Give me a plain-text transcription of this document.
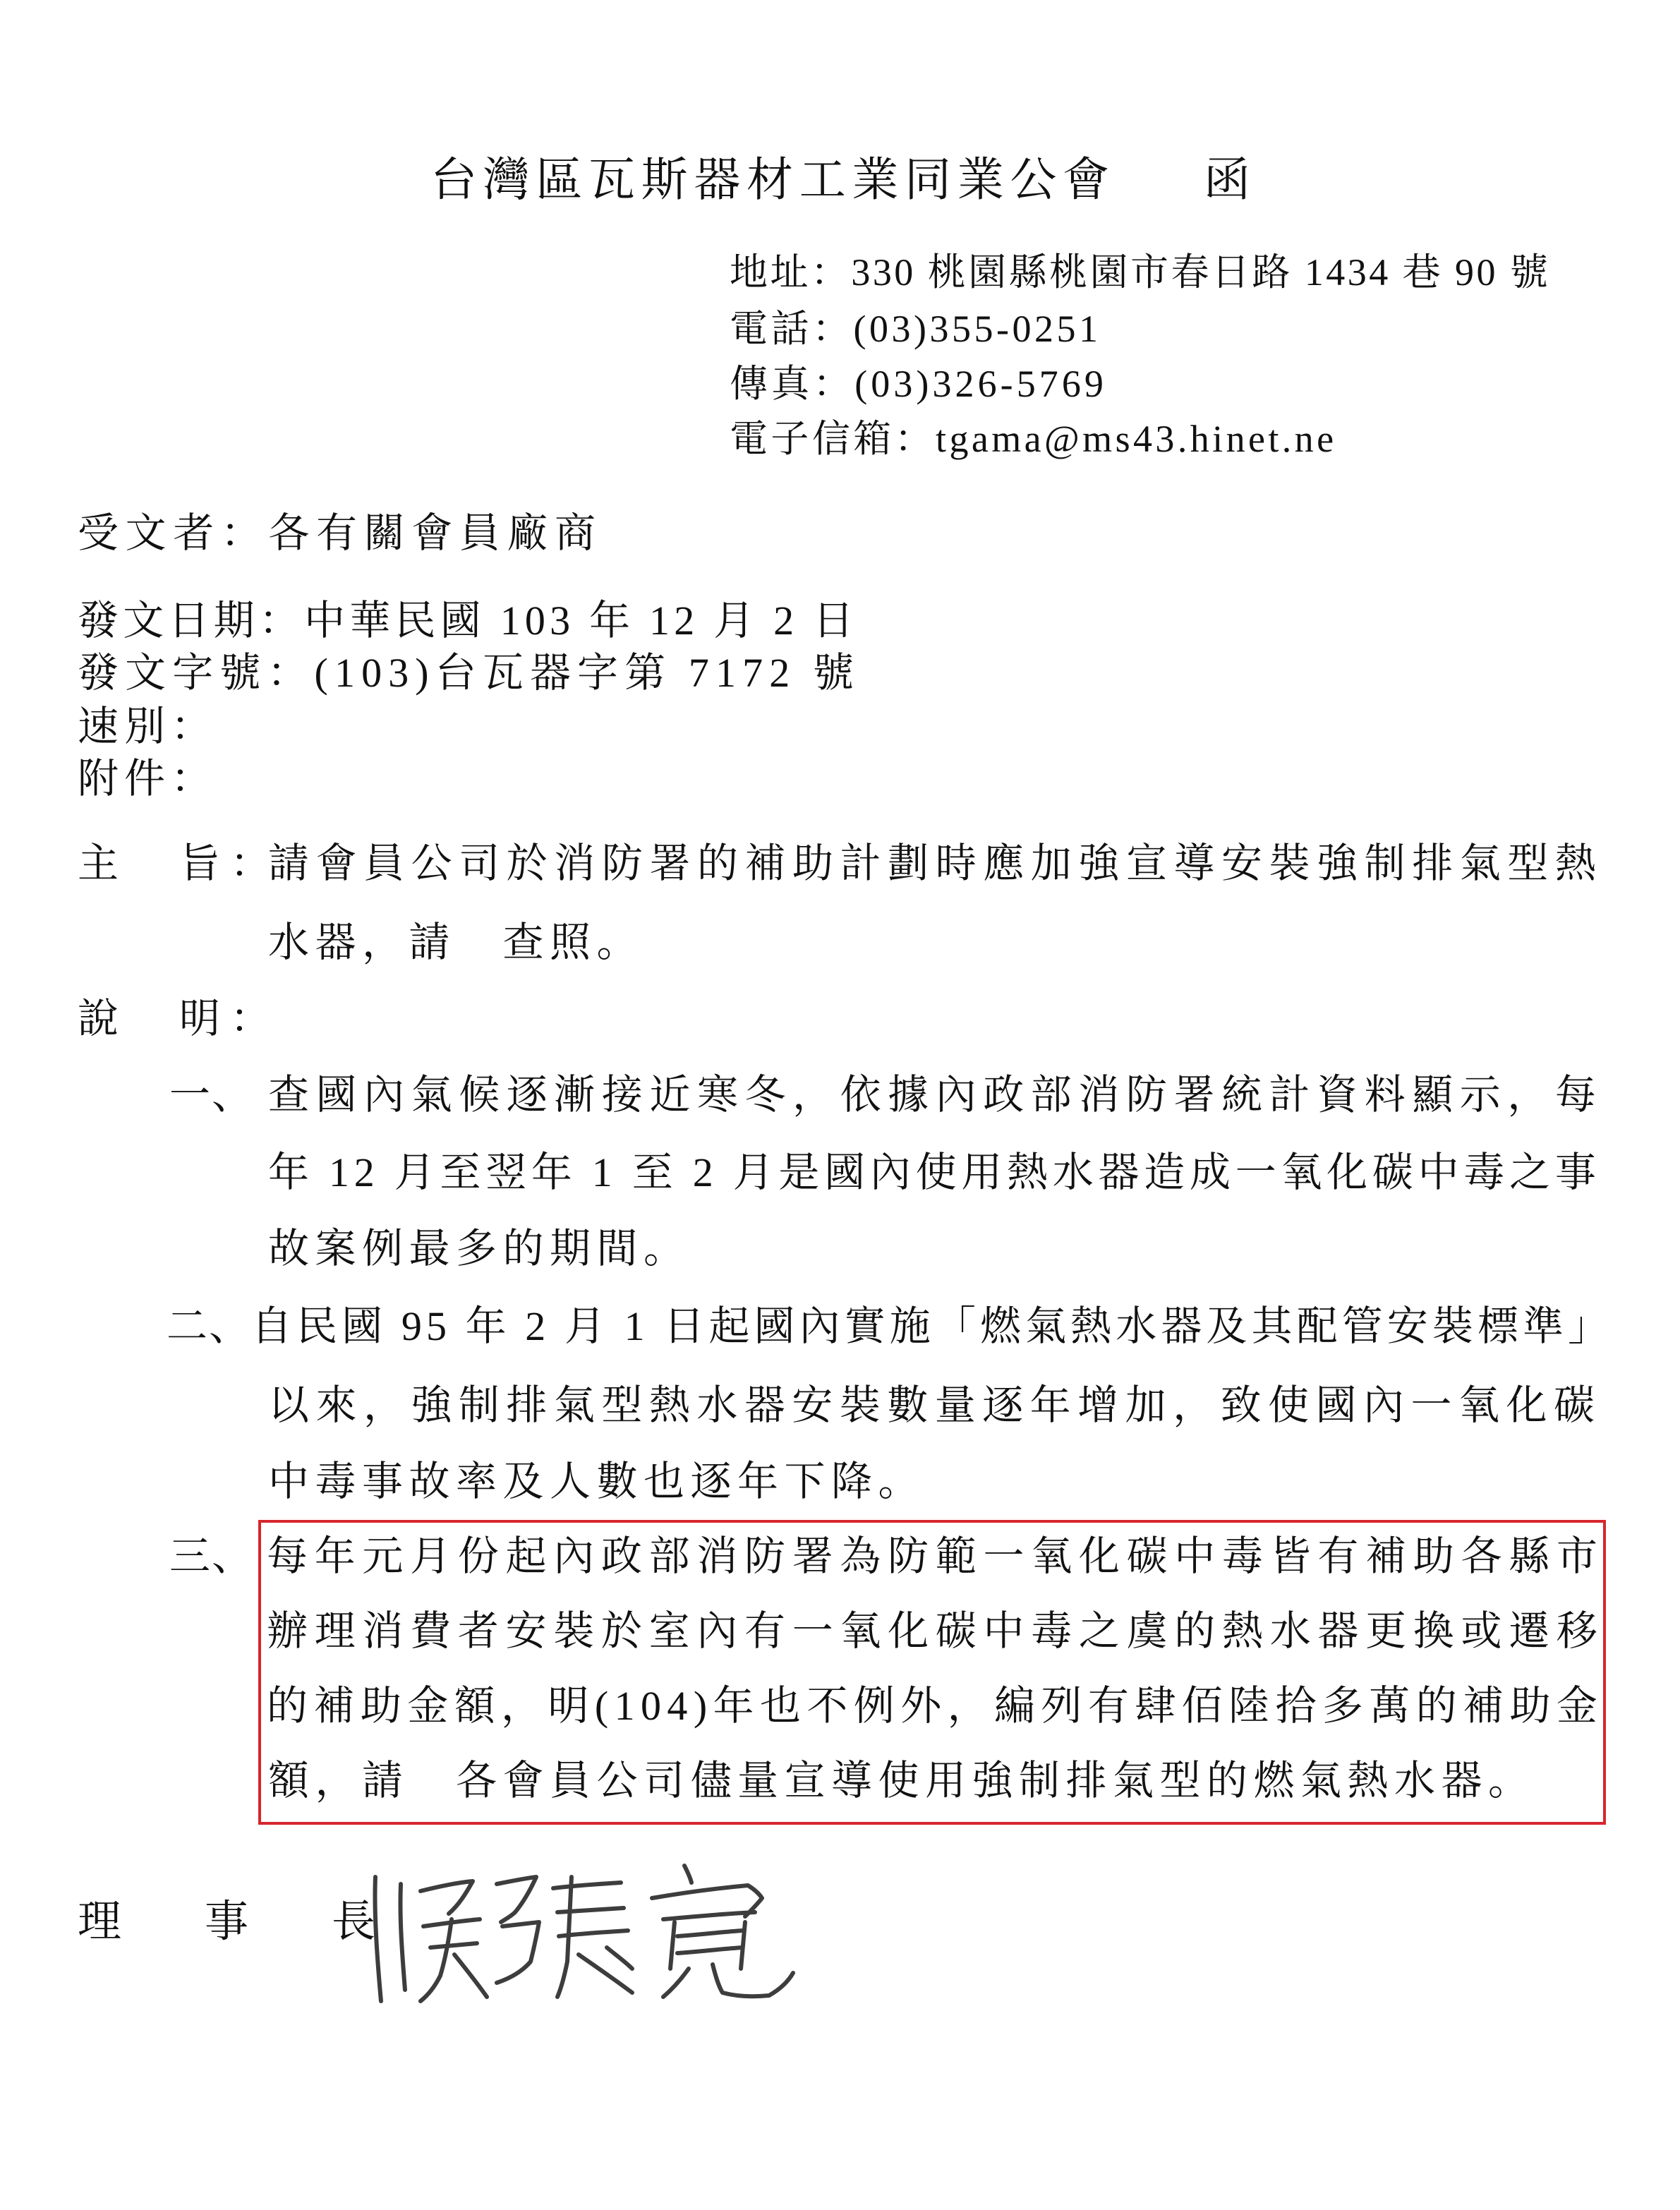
台灣區瓦斯器材工業同業公會 函
地址：330 桃園縣桃園市春日路 1434 巷 90 號
電話：(03)355-0251
傳真：(03)326-5769
電子信箱：tgama@ms43.hinet.ne
受文者：各有關會員廠商
發文日期：中華民國 103 年 12 月 2 日
發文字號：(103)台瓦器字第 7172 號
速別：
附件：
主　旨：
請會員公司於消防署的補助計劃時應加強宣導安裝強制排氣型熱
水器，請　查照。
說　明：
一、 查國內氣候逐漸接近寒冬，依據內政部消防署統計資料顯示，每
年 12 月至翌年 1 至 2 月是國內使用熱水器造成一氧化碳中毒之事
故案例最多的期間。
二、 自民國 95 年 2 月 1 日起國內實施「燃氣熱水器及其配管安裝標準」
以來，強制排氣型熱水器安裝數量逐年增加，致使國內一氧化碳
中毒事故率及人數也逐年下降。
三、 每年元月份起內政部消防署為防範一氧化碳中毒皆有補助各縣市
辦理消費者安裝於室內有一氧化碳中毒之虞的熱水器更換或遷移
的補助金額，明(104)年也不例外，編列有肆佰陸拾多萬的補助金
額，請　各會員公司儘量宣導使用強制排氣型的燃氣熱水器。
理　事　長
